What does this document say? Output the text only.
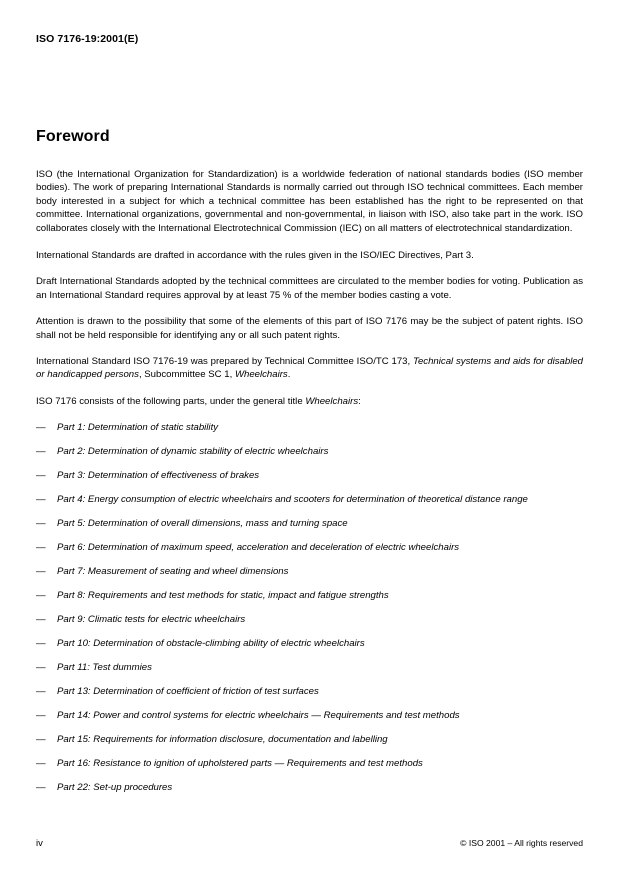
ISO 7176-19:2001(E)
Foreword

ISO (the International Organization for Standardization) is a worldwide federation of national standards bodies (ISO member bodies). The work of preparing International Standards is normally carried out through ISO technical committees. Each member body interested in a subject for which a technical committee has been established has the right to be represented on that committee. International organizations, governmental and non-governmental, in liaison with ISO, also take part in the work. ISO collaborates closely with the International Electrotechnical Commission (IEC) on all matters of electrotechnical standardization.

International Standards are drafted in accordance with the rules given in the ISO/IEC Directives, Part 3.

Draft International Standards adopted by the technical committees are circulated to the member bodies for voting. Publication as an International Standard requires approval by at least 75 % of the member bodies casting a vote.

Attention is drawn to the possibility that some of the elements of this part of ISO 7176 may be the subject of patent rights. ISO shall not be held responsible for identifying any or all such patent rights.

International Standard ISO 7176-19 was prepared by Technical Committee ISO/TC 173, Technical systems and aids for disabled or handicapped persons, Subcommittee SC 1, Wheelchairs.

ISO 7176 consists of the following parts, under the general title Wheelchairs:

—	Part 1: Determination of static stability
—	Part 2: Determination of dynamic stability of electric wheelchairs
—	Part 3: Determination of effectiveness of brakes
—	Part 4: Energy consumption of electric wheelchairs and scooters for determination of theoretical distance range
—	Part 5: Determination of overall dimensions, mass and turning space
—	Part 6: Determination of maximum speed, acceleration and deceleration of electric wheelchairs
—	Part 7: Measurement of seating and wheel dimensions
—	Part 8: Requirements and test methods for static, impact and fatigue strengths
—	Part 9: Climatic tests for electric wheelchairs
—	Part 10: Determination of obstacle-climbing ability of electric wheelchairs
—	Part 11: Test dummies
—	Part 13: Determination of coefficient of friction of test surfaces
—	Part 14: Power and control systems for electric wheelchairs — Requirements and test methods
—	Part 15: Requirements for information disclosure, documentation and labelling
—	Part 16: Resistance to ignition of upholstered parts — Requirements and test methods
—	Part 22: Set-up procedures
iv	© ISO 2001 – All rights reserved
